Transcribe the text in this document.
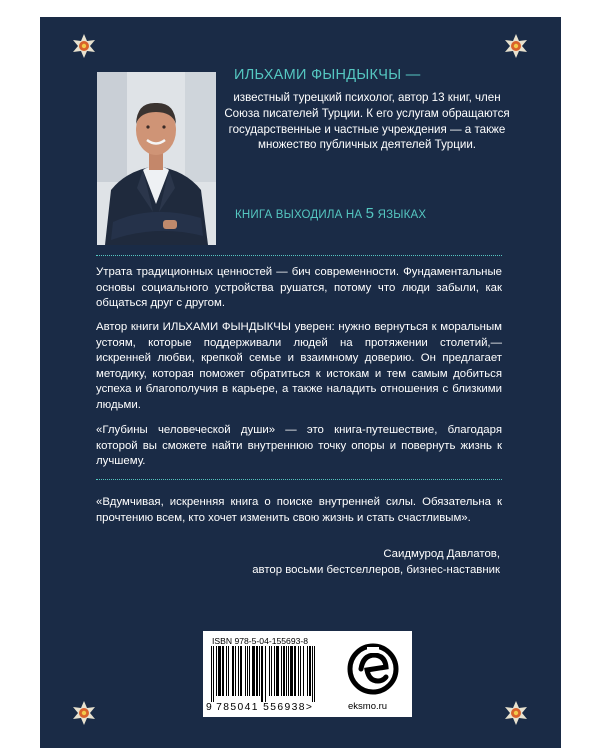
ИЛЬХАМИ ФЫНДЫКЧЫ —

известный турецкий психолог, автор 13 книг, член Союза писателей Турции. К его услугам обращаются государственные и частные учреждения — а также множество публичных деятелей Турции.

КНИГА ВЫХОДИЛА НА 5 ЯЗЫКАХ

Утрата традиционных ценностей — бич современности. Фундаментальные основы социального устройства рушатся, потому что люди забыли, как общаться друг с другом.

Автор книги ИЛЬХАМИ ФЫНДЫКЧЫ уверен: нужно вернуться к моральным устоям, которые поддерживали людей на протяжении столетий,— искренней любви, крепкой семье и взаимному доверию. Он предлагает методику, которая поможет обратиться к истокам и тем самым добиться успеха и благополучия в карьере, а также наладить отношения с близкими людьми.

«Глубины человеческой души» — это книга-путешествие, благодаря которой вы сможете найти внутреннюю точку опоры и повернуть жизнь к лучшему.

«Вдумчивая, искренняя книга о поиске внутренней силы. Обязательна к прочтению всем, кто хочет изменить свою жизнь и стать счастливым».

Саидмурод Давлатов,
автор восьми бестселлеров, бизнес-наставник
ISBN 978-5-04-155693-8
9 785041 556938>	eksmo.ru
